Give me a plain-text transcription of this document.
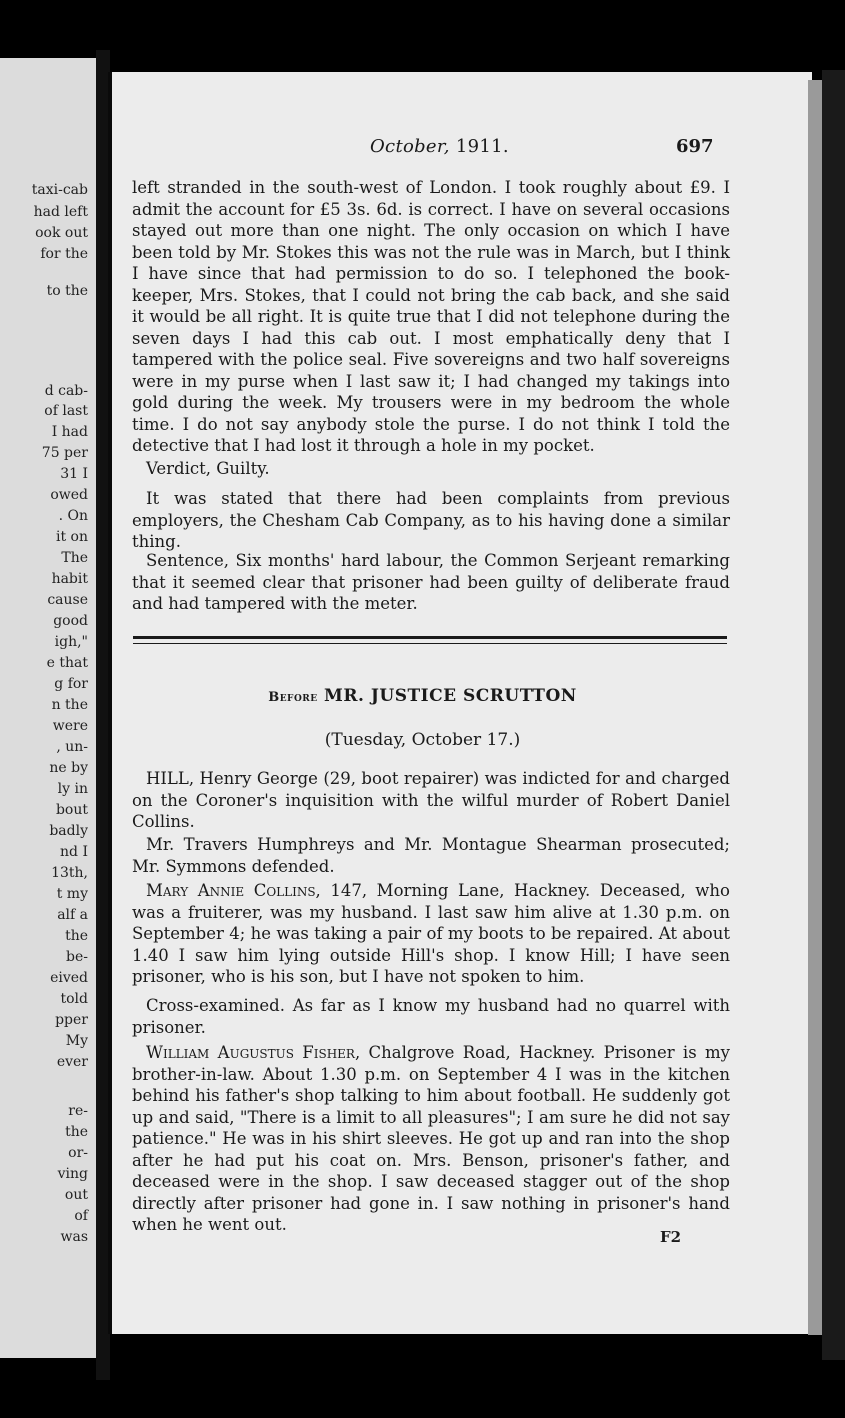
taxi-cab
had left
ook out
for the
to the
d cab-
of last
I had
75 per
31 I
owed
. On
it on
The
habit
cause
good
igh,"
e that
g for
n the
were
, un-
ne by
ly in
bout
badly
nd I
13th,
t my
alf a
the
be-
eived
told
pper
My
ever
re-
the
or-
ving
out
of
was
October, 1911.	697

left stranded in the south-west of London. I took roughly about £9. I admit the account for £5 3s. 6d. is correct. I have on several occasions stayed out more than one night. The only occasion on which I have been told by Mr. Stokes this was not the rule was in March, but I think I have since that had permission to do so. I telephoned the book-keeper, Mrs. Stokes, that I could not bring the cab back, and she said it would be all right. It is quite true that I did not telephone during the seven days I had this cab out. I most emphatically deny that I tampered with the police seal. Five sovereigns and two half sovereigns were in my purse when I last saw it; I had changed my takings into gold during the week. My trousers were in my bedroom the whole time. I do not say anybody stole the purse. I do not think I told the detective that I had lost it through a hole in my pocket.

Verdict, Guilty.

It was stated that there had been complaints from previous employers, the Chesham Cab Company, as to his having done a similar thing.

Sentence, Six months' hard labour, the Common Serjeant remarking that it seemed clear that prisoner had been guilty of deliberate fraud and had tampered with the meter.

Before MR. JUSTICE SCRUTTON
(Tuesday, October 17.)

HILL, Henry George (29, boot repairer) was indicted for and charged on the Coroner's inquisition with the wilful murder of Robert Daniel Collins.

Mr. Travers Humphreys and Mr. Montague Shearman prosecuted; Mr. Symmons defended.

Mary Annie Collins, 147, Morning Lane, Hackney. Deceased, who was a fruiterer, was my husband. I last saw him alive at 1.30 p.m. on September 4; he was taking a pair of my boots to be repaired. At about 1.40 I saw him lying outside Hill's shop. I know Hill; I have seen prisoner, who is his son, but I have not spoken to him.

Cross-examined. As far as I know my husband had no quarrel with prisoner.

William Augustus Fisher, Chalgrove Road, Hackney. Prisoner is my brother-in-law. About 1.30 p.m. on September 4 I was in the kitchen behind his father's shop talking to him about football. He suddenly got up and said, "There is a limit to all pleasures"; I am sure he did not say patience." He was in his shirt sleeves. He got up and ran into the shop after he had put his coat on. Mrs. Benson, prisoner's father, and deceased were in the shop. I saw deceased stagger out of the shop directly after prisoner had gone in. I saw nothing in prisoner's hand when he went out.

F2
